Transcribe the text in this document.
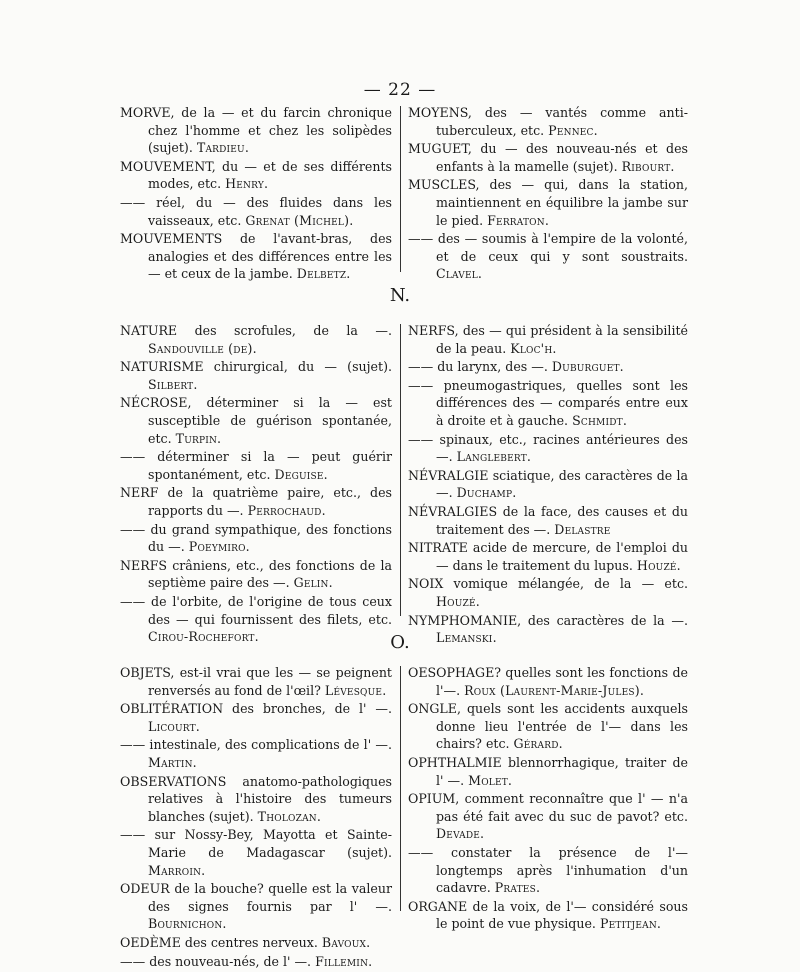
— 22 —

MORVE, de la — et du farcin chronique chez l'homme et chez les solipèdes (sujet). Tardieu.

MOUVEMENT, du — et de ses différents modes, etc. Henry.

—— réel, du — des fluides dans les vaisseaux, etc. Grenat (Michel).

MOUVEMENTS de l'avant-bras, des analogies et des différences entre les — et ceux de la jambe. Delbetz.

MOYENS, des — vantés comme anti-tuberculeux, etc. Pennec.

MUGUET, du — des nouveau-nés et des enfants à la mamelle (sujet). Ribourt.

MUSCLES, des — qui, dans la station, maintiennent en équilibre la jambe sur le pied. Ferraton.

—— des — soumis à l'empire de la volonté, et de ceux qui y sont soustraits. Clavel.

N.

NATURE des scrofules, de la —. Sandouville (de).

NATURISME chirurgical, du — (sujet). Silbert.

NÉCROSE, déterminer si la — est susceptible de guérison spontanée, etc. Turpin.

—— déterminer si la — peut guérir spontanément, etc. Deguise.

NERF de la quatrième paire, etc., des rapports du —. Perrochaud.

—— du grand sympathique, des fonctions du —. Poeymiro.

NERFS crâniens, etc., des fonctions de la septième paire des —. Gelin.

—— de l'orbite, de l'origine de tous ceux des — qui fournissent des filets, etc. Cirou-Rochefort.

NERFS, des — qui président à la sensibilité de la peau. Kloc'h.

—— du larynx, des —. Duburguet.

—— pneumogastriques, quelles sont les différences des — comparés entre eux à droite et à gauche. Schmidt.

—— spinaux, etc., racines antérieures des —. Langlebert.

NÉVRALGIE sciatique, des caractères de la —. Duchamp.

NÉVRALGIES de la face, des causes et du traitement des —. Delastre

NITRATE acide de mercure, de l'emploi du — dans le traitement du lupus. Houzé.

NOIX vomique mélangée, de la — etc. Houzé.

NYMPHOMANIE, des caractères de la —. Lemanski.

O.

OBJETS, est-il vrai que les — se peignent renversés au fond de l'œil? Lévesque.

OBLITÉRATION des bronches, de l' —. Licourt.

—— intestinale, des complications de l' —. Martin.

OBSERVATIONS anatomo-pathologiques relatives à l'histoire des tumeurs blanches (sujet). Tholozan.

—— sur Nossy-Bey, Mayotta et Sainte-Marie de Madagascar (sujet). Marroin.

ODEUR de la bouche? quelle est la valeur des signes fournis par l' —. Bournichon.

OEDÈME des centres nerveux. Bavoux.

—— des nouveau-nés, de l' —. Fillemin.

OESOPHAGE? quelles sont les fonctions de l'—. Roux (Laurent-Marie-Jules).

ONGLE, quels sont les accidents auxquels donne lieu l'entrée de l'— dans les chairs? etc. Gérard.

OPHTHALMIE blennorrhagique, traiter de l' —. Molet.

OPIUM, comment reconnaître que l' — n'a pas été fait avec du suc de pavot? etc. Devade.

—— constater la présence de l'— longtemps après l'inhumation d'un cadavre. Prates.

ORGANE de la voix, de l'— considéré sous le point de vue physique. Petitjean.
